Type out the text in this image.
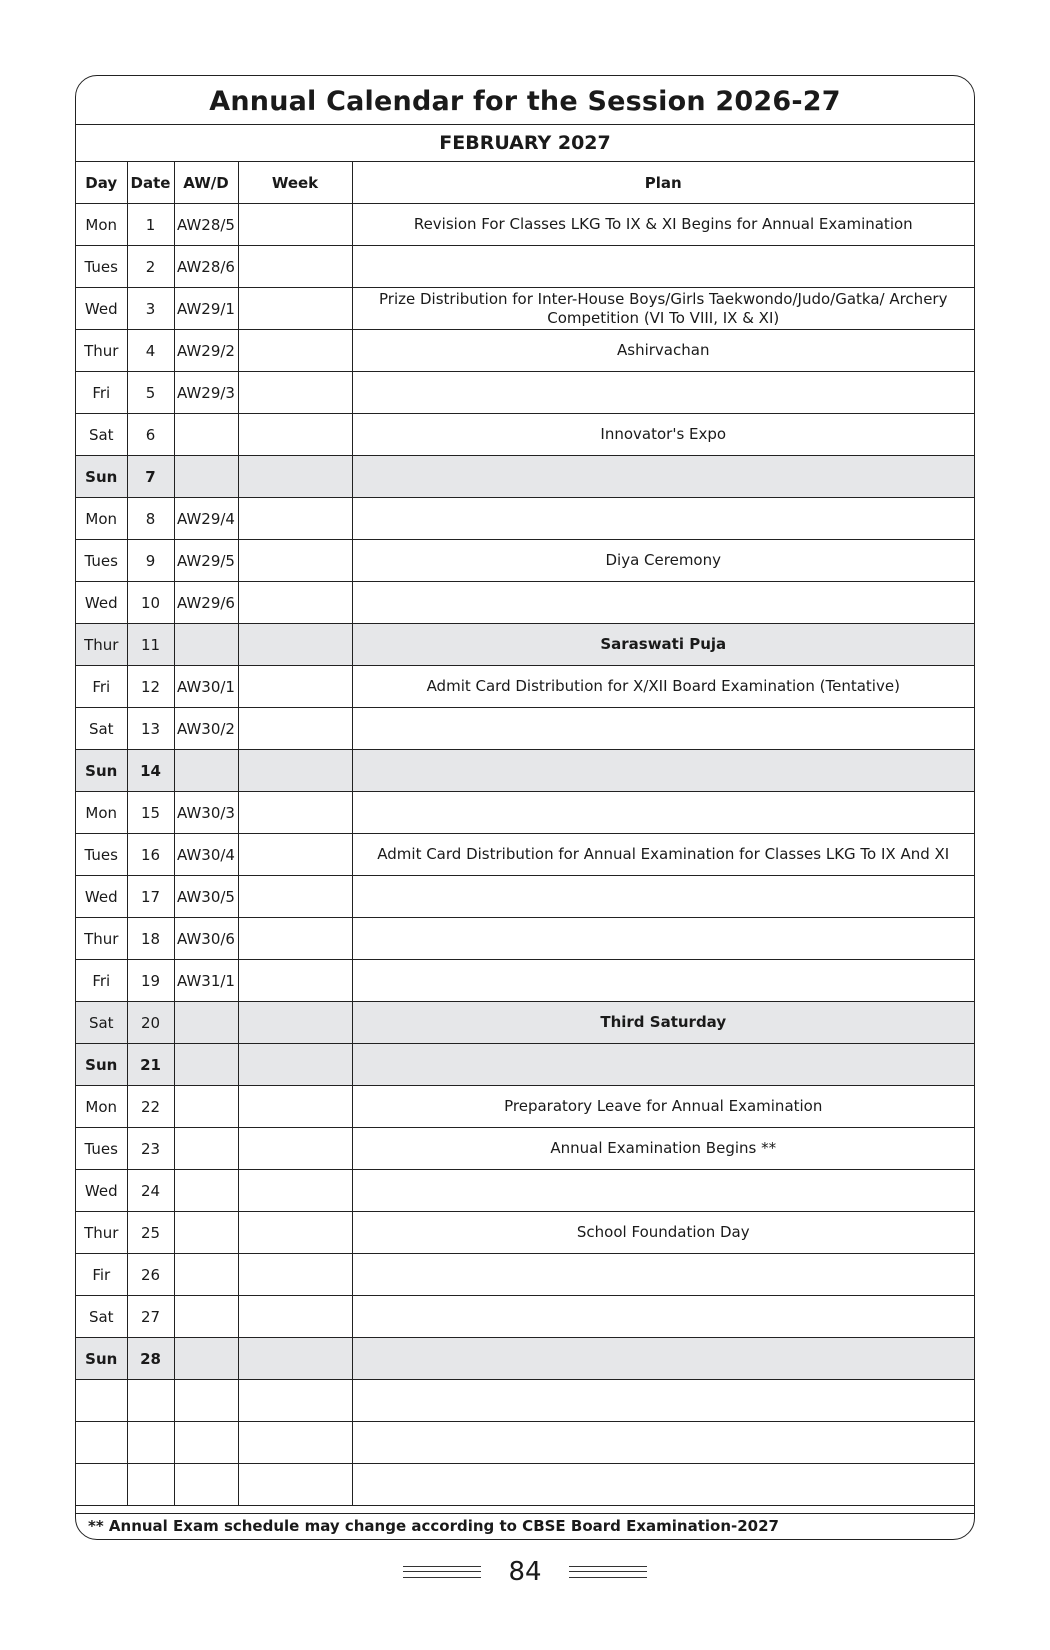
Annual Calendar for the Session 2026-27
FEBRUARY 2027
Day	Date	AW/D	Week	Plan
Mon	1	AW28/5		Revision For Classes LKG To IX & XI Begins for Annual Examination
Tues	2	AW28/6		
Wed	3	AW29/1		Prize Distribution for Inter-House Boys/Girls Taekwondo/Judo/Gatka/ Archery Competition (VI To VIII, IX & XI)
Thur	4	AW29/2		Ashirvachan
Fri	5	AW29/3		
Sat	6			Innovator's Expo
Sun	7			
Mon	8	AW29/4		
Tues	9	AW29/5		Diya Ceremony
Wed	10	AW29/6		
Thur	11			Saraswati Puja
Fri	12	AW30/1		Admit Card Distribution for X/XII Board Examination (Tentative)
Sat	13	AW30/2		
Sun	14			
Mon	15	AW30/3		
Tues	16	AW30/4		Admit Card Distribution for Annual Examination for Classes LKG To IX And XI
Wed	17	AW30/5		
Thur	18	AW30/6		
Fri	19	AW31/1		
Sat	20			Third Saturday
Sun	21			
Mon	22			Preparatory Leave for Annual Examination
Tues	23			Annual Examination Begins **
Wed	24			
Thur	25			School Foundation Day
Fir	26			
Sat	27			
Sun	28			

** Annual Exam schedule may change according to CBSE Board Examination-2027
84
